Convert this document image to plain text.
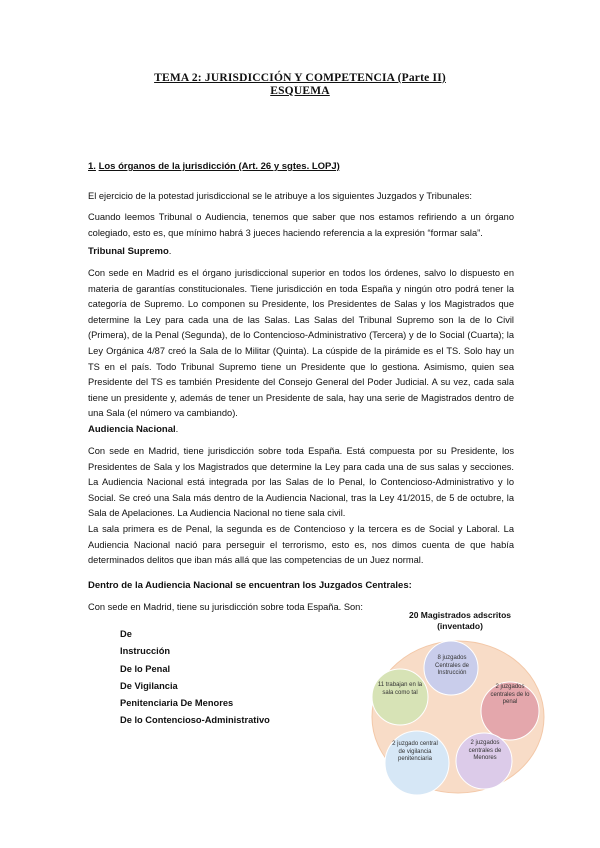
TEMA 2: JURISDICCIÓN Y COMPETENCIA (Parte II)
ESQUEMA

1. Los órganos de la jurisdicción (Art. 26 y sgtes. LOPJ)

El ejercicio de la potestad jurisdiccional se le atribuye a los siguientes Juzgados y Tribunales:

Cuando leemos Tribunal o Audiencia, tenemos que saber que nos estamos refiriendo a un órgano colegiado, esto es, que mínimo habrá 3 jueces haciendo referencia a la expresión “formar sala”.

Tribunal Supremo.

Con sede en Madrid es el órgano jurisdiccional superior en todos los órdenes, salvo lo dispuesto en materia de garantías constitucionales. Tiene jurisdicción en toda España y ningún otro podrá tener la categoría de Supremo. Lo componen su Presidente, los Presidentes de Salas y los Magistrados que determine la Ley para cada una de las Salas. Las Salas del Tribunal Supremo son la de lo Civil (Primera), de la Penal (Segunda), de lo Contencioso-Administrativo (Tercera) y de lo Social (Cuarta); la Ley Orgánica 4/87 creó la Sala de lo Militar (Quinta). La cúspide de la pirámide es el TS. Solo hay un TS en el país. Todo Tribunal Supremo tiene un Presidente que lo gestiona. Asimismo, quien sea Presidente del TS es también Presidente del Consejo General del Poder Judicial. A su vez, cada sala tiene un presidente y, además de tener un Presidente de sala, hay una serie de Magistrados dentro de una Sala (el número va cambiando).

Audiencia Nacional.

Con sede en Madrid, tiene jurisdicción sobre toda España. Está compuesta por su Presidente, los Presidentes de Sala y los Magistrados que determine la Ley para cada una de sus salas y secciones. La Audiencia Nacional está integrada por las Salas de lo Penal, lo Contencioso-Administrativo y lo Social. Se creó una Sala más dentro de la Audiencia Nacional, tras la Ley 41/2015, de 5 de octubre, la Sala de Apelaciones. La Audiencia Nacional no tiene sala civil.

La sala primera es de Penal, la segunda es de Contencioso y la tercera es de Social y Laboral. La Audiencia Nacional nació para perseguir el terrorismo, esto es, nos dimos cuenta de que había determinados delitos que iban más allá que las competencias de un Juez normal.

Dentro de la Audiencia Nacional se encuentran los Juzgados Centrales:

Con sede en Madrid, tiene su jurisdicción sobre toda España. Son:

De
Instrucción
De lo Penal
De Vigilancia
Penitenciaria De Menores
De lo Contencioso-Administrativo
20 Magistrados adscritos
(inventado)
8 juzgados Centrales de Instrucción
2 juzgados centrales de lo penal
2 juzgados centrales de Menores
2 juzgado central de vigilancia penitenciaria
11 trabajan en la sala como tal
